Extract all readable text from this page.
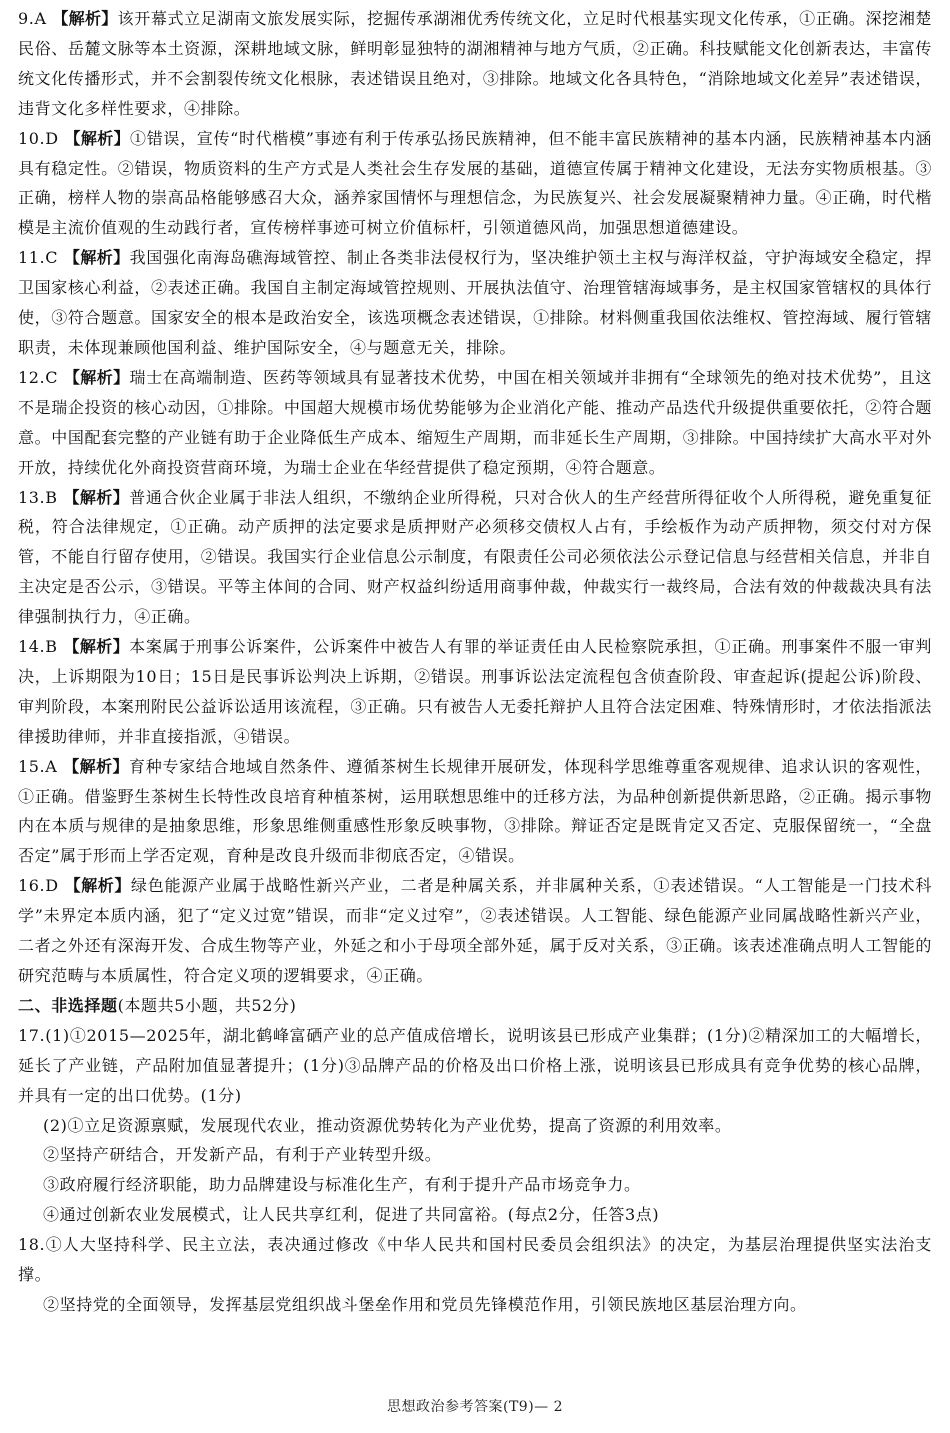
9.A 【解析】该开幕式立足湖南文旅发展实际，挖掘传承湖湘优秀传统文化，立足时代根基实现文化传承，①正确。深挖湘楚民俗、岳麓文脉等本土资源，深耕地域文脉，鲜明彰显独特的湖湘精神与地方气质，②正确。科技赋能文化创新表达，丰富传统文化传播形式，并不会割裂传统文化根脉，表述错误且绝对，③排除。地域文化各具特色，“消除地域文化差异”表述错误，违背文化多样性要求，④排除。

10.D 【解析】①错误，宣传“时代楷模”事迹有利于传承弘扬民族精神，但不能丰富民族精神的基本内涵，民族精神基本内涵具有稳定性。②错误，物质资料的生产方式是人类社会生存发展的基础，道德宣传属于精神文化建设，无法夯实物质根基。③正确，榜样人物的崇高品格能够感召大众，涵养家国情怀与理想信念，为民族复兴、社会发展凝聚精神力量。④正确，时代楷模是主流价值观的生动践行者，宣传榜样事迹可树立价值标杆，引领道德风尚，加强思想道德建设。

11.C 【解析】我国强化南海岛礁海域管控、制止各类非法侵权行为，坚决维护领土主权与海洋权益，守护海域安全稳定，捍卫国家核心利益，②表述正确。我国自主制定海域管控规则、开展执法值守、治理管辖海域事务，是主权国家管辖权的具体行使，③符合题意。国家安全的根本是政治安全，该选项概念表述错误，①排除。材料侧重我国依法维权、管控海域、履行管辖职责，未体现兼顾他国利益、维护国际安全，④与题意无关，排除。

12.C 【解析】瑞士在高端制造、医药等领域具有显著技术优势，中国在相关领域并非拥有“全球领先的绝对技术优势”，且这不是瑞企投资的核心动因，①排除。中国超大规模市场优势能够为企业消化产能、推动产品迭代升级提供重要依托，②符合题意。中国配套完整的产业链有助于企业降低生产成本、缩短生产周期，而非延长生产周期，③排除。中国持续扩大高水平对外开放，持续优化外商投资营商环境，为瑞士企业在华经营提供了稳定预期，④符合题意。

13.B 【解析】普通合伙企业属于非法人组织，不缴纳企业所得税，只对合伙人的生产经营所得征收个人所得税，避免重复征税，符合法律规定，①正确。动产质押的法定要求是质押财产必须移交债权人占有，手绘板作为动产质押物，须交付对方保管，不能自行留存使用，②错误。我国实行企业信息公示制度，有限责任公司必须依法公示登记信息与经营相关信息，并非自主决定是否公示，③错误。平等主体间的合同、财产权益纠纷适用商事仲裁，仲裁实行一裁终局，合法有效的仲裁裁决具有法律强制执行力，④正确。

14.B 【解析】本案属于刑事公诉案件，公诉案件中被告人有罪的举证责任由人民检察院承担，①正确。刑事案件不服一审判决，上诉期限为10日；15日是民事诉讼判决上诉期，②错误。刑事诉讼法定流程包含侦查阶段、审查起诉(提起公诉)阶段、审判阶段，本案刑附民公益诉讼适用该流程，③正确。只有被告人无委托辩护人且符合法定困难、特殊情形时，才依法指派法律援助律师，并非直接指派，④错误。

15.A 【解析】育种专家结合地域自然条件、遵循茶树生长规律开展研发，体现科学思维尊重客观规律、追求认识的客观性，①正确。借鉴野生茶树生长特性改良培育种植茶树，运用联想思维中的迁移方法，为品种创新提供新思路，②正确。揭示事物内在本质与规律的是抽象思维，形象思维侧重感性形象反映事物，③排除。辩证否定是既肯定又否定、克服保留统一，“全盘否定”属于形而上学否定观，育种是改良升级而非彻底否定，④错误。

16.D 【解析】绿色能源产业属于战略性新兴产业，二者是种属关系，并非属种关系，①表述错误。“人工智能是一门技术科学”未界定本质内涵，犯了“定义过宽”错误，而非“定义过窄”，②表述错误。人工智能、绿色能源产业同属战略性新兴产业，二者之外还有深海开发、合成生物等产业，外延之和小于母项全部外延，属于反对关系，③正确。该表述准确点明人工智能的研究范畴与本质属性，符合定义项的逻辑要求，④正确。

二、非选择题(本题共5小题，共52分)

17.(1)①2015—2025年，湖北鹤峰富硒产业的总产值成倍增长，说明该县已形成产业集群；(1分)②精深加工的大幅增长，延长了产业链，产品附加值显著提升；(1分)③品牌产品的价格及出口价格上涨，说明该县已形成具有竞争优势的核心品牌，并具有一定的出口优势。(1分)

(2)①立足资源禀赋，发展现代农业，推动资源优势转化为产业优势，提高了资源的利用效率。

②坚持产研结合，开发新产品，有利于产业转型升级。

③政府履行经济职能，助力品牌建设与标准化生产，有利于提升产品市场竞争力。

④通过创新农业发展模式，让人民共享红利，促进了共同富裕。(每点2分，任答3点)

18.①人大坚持科学、民主立法，表决通过修改《中华人民共和国村民委员会组织法》的决定，为基层治理提供坚实法治支撑。

②坚持党的全面领导，发挥基层党组织战斗堡垒作用和党员先锋模范作用，引领民族地区基层治理方向。

思想政治参考答案(T9)— 2
